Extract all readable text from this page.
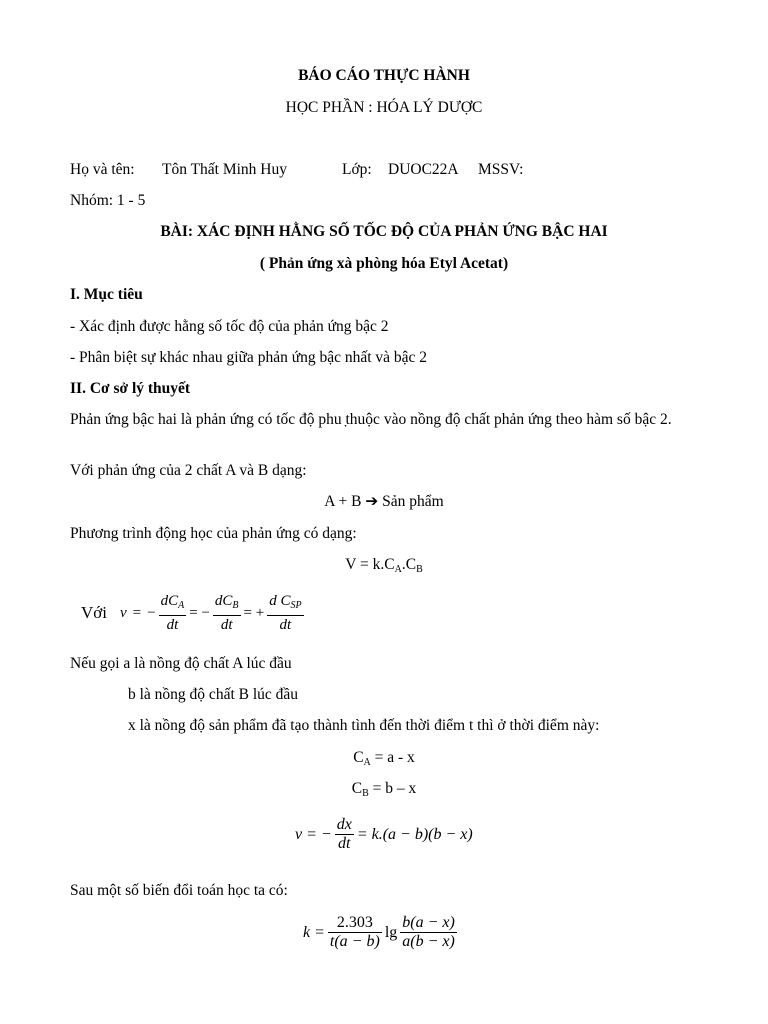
BÁO CÁO THỰC HÀNH
HỌC PHẦN : HÓA LÝ DƯỢC
Họ và tên: Tôn Thất Minh Huy	Lớp: DUOC22A MSSV:
Nhóm: 1 - 5
BÀI: XÁC ĐỊNH HẰNG SỐ TỐC ĐỘ CỦA PHẢN ỨNG BẬC HAI
( Phản ứng xà phòng hóa Etyl Acetat)
I. Mục tiêu
- Xác định được hằng số tốc độ của phản ứng bậc 2
- Phân biệt sự khác nhau giữa phản ứng bậc nhất và bậc 2
II. Cơ sở lý thuyết
Phản ứng bậc hai là phản ứng có tốc độ phu ̣thuộc vào nồng độ chất phản ứng theo hàm số bậc 2.
Với phản ứng của 2 chất A và B dạng:
A + B ➔ Sản phẩm
Phương trình động học của phản ứng có dạng:
$V = k.C_A.C_B$
Với v = − $\frac{dC_A}{dt}$ = − $\frac{dC_B}{dt}$ = + $\frac{d C_{SP}}{dt}$
Nếu gọi a là nồng độ chất A lúc đầu
b là nồng độ chất B lúc đầu
x là nồng độ sản phẩm đã tạo thành tình đến thời điểm t thì ở thời điểm này:
$C_A = a - x$
$C_B = b - x$
v = − $\frac{dx}{dt} = k.(a - b)(b - x)$
Sau một số biến đổi toán học ta có:
$k = \frac{2.303}{t(a - b)}$ $\lg \frac{b(a - x)}{a(b - x)}$
